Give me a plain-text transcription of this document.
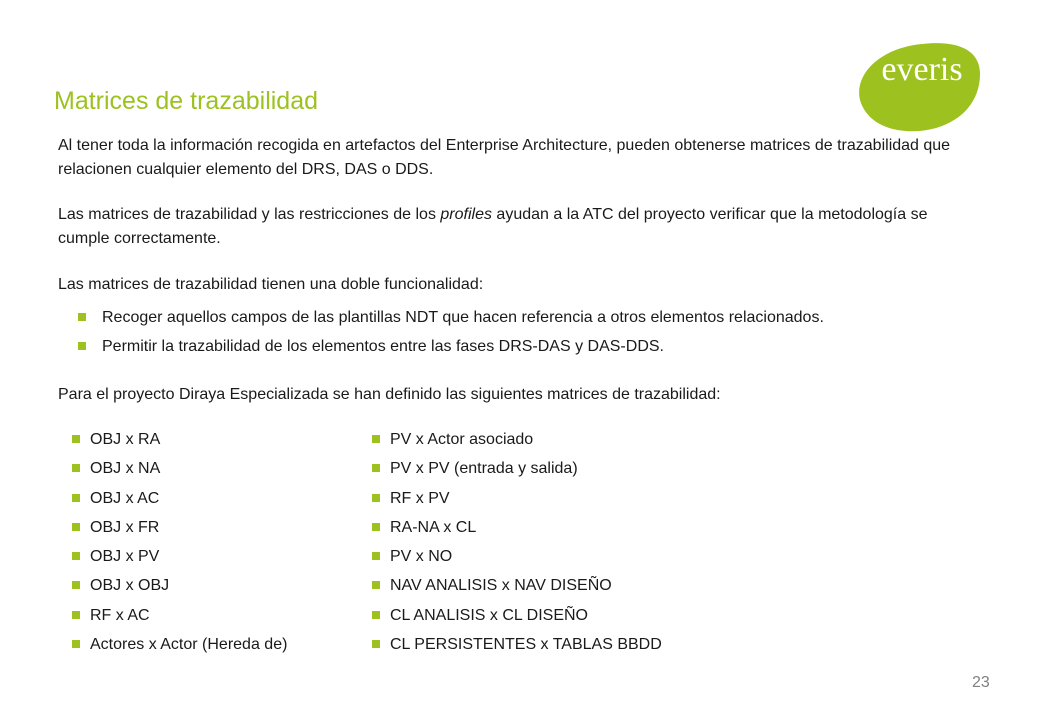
Matrices de trazabilidad
everis

Al tener toda la información recogida en artefactos del Enterprise Architecture, pueden obtenerse matrices de trazabilidad que relacionen cualquier elemento del DRS, DAS o DDS.

Las matrices de trazabilidad y las restricciones de los profiles ayudan a la ATC del proyecto verificar que la metodología se cumple correctamente.

Las matrices de trazabilidad tienen una doble funcionalidad:

Recoger aquellos campos de las plantillas NDT que hacen referencia a otros elementos relacionados.
Permitir la trazabilidad de los elementos entre las fases DRS-DAS y DAS-DDS.

Para el proyecto Diraya Especializada se han definido las siguientes matrices de trazabilidad:

OBJ x RA
OBJ x NA
OBJ x AC
OBJ x FR
OBJ x PV
OBJ x OBJ
RF x AC
Actores x Actor (Hereda de)
PV x Actor asociado
PV x PV (entrada y salida)
RF x PV
RA-NA x CL
PV x NO
NAV ANALISIS x NAV DISEÑO
CL ANALISIS x CL DISEÑO
CL PERSISTENTES x TABLAS BBDD
23
